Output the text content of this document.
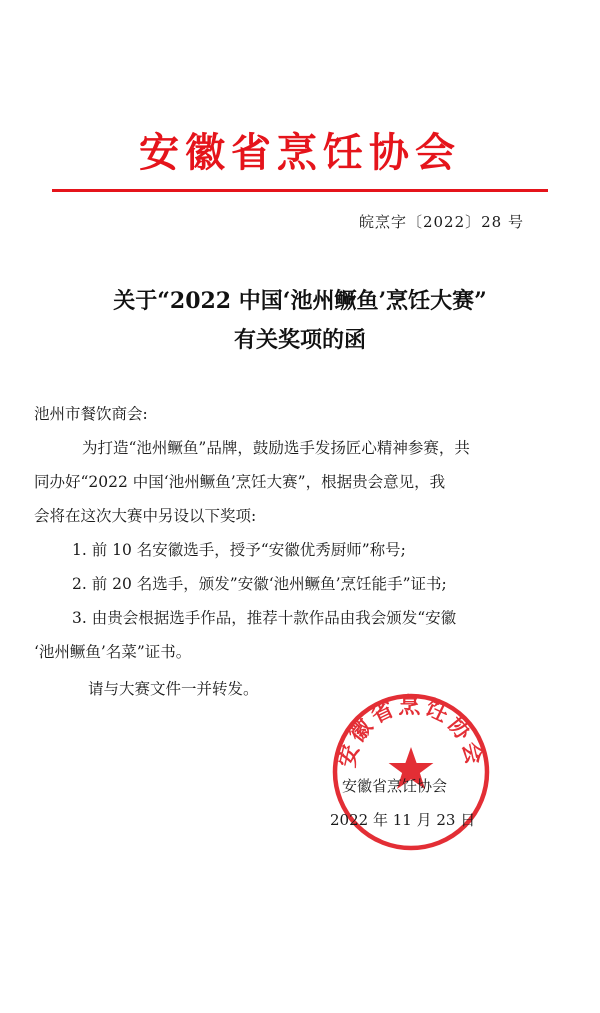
安徽省烹饪协会
皖烹字〔2022〕28 号
关于“2022 中国‘池州鳜鱼’烹饪大赛”
有关奖项的函
池州市餐饮商会:
为打造“池州鳜鱼”品牌，鼓励选手发扬匠心精神参赛，共
同办好“2022 中国‘池州鳜鱼’烹饪大赛”，根据贵会意见，我
会将在这次大赛中另设以下奖项:
1. 前 10 名安徽选手，授予“安徽优秀厨师”称号;
2. 前 20 名选手，颁发”安徽‘池州鳜鱼’烹饪能手”证书;
3. 由贵会根据选手作品，推荐十款作品由我会颁发“安徽
‘池州鳜鱼’名菜”证书。
请与大赛文件一并转发。
安徽省烹饪协会
安徽省烹饪协会
2022 年 11 月 23 日
